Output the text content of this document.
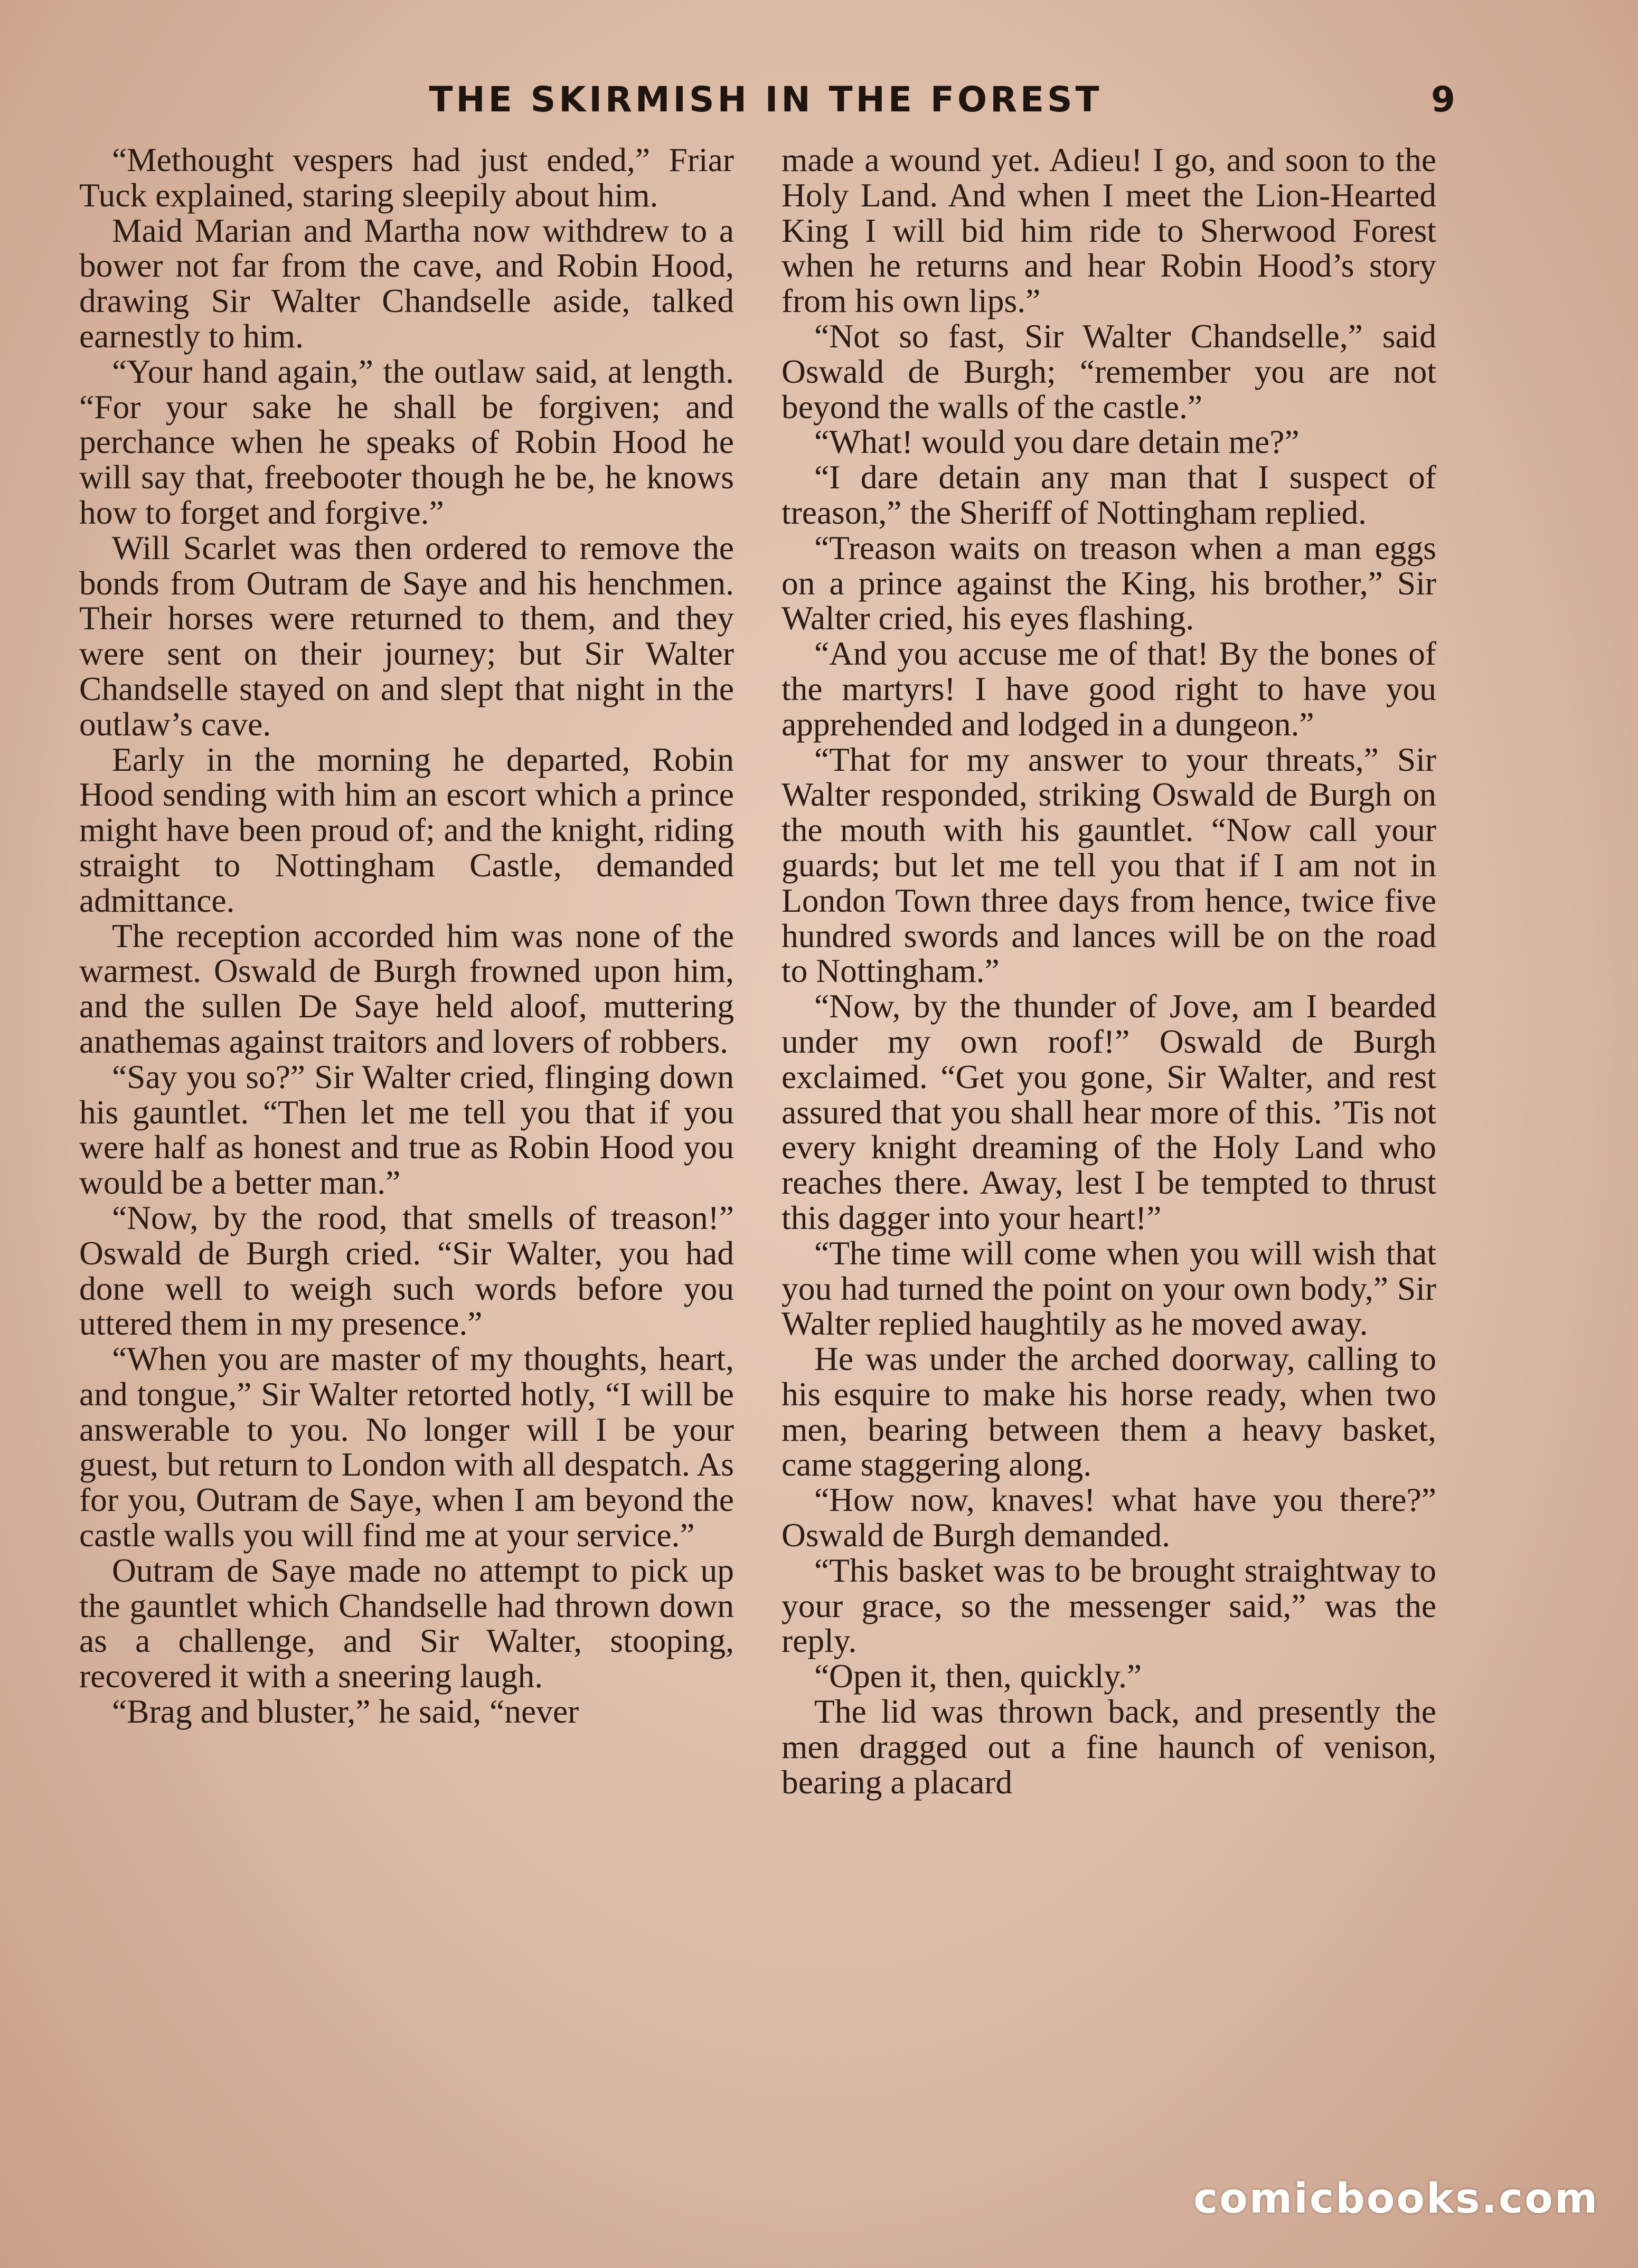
THE SKIRMISH IN THE FOREST	9

“Methought vespers had just ended,” Friar Tuck explained, staring sleepily about him.

Maid Marian and Martha now withdrew to a bower not far from the cave, and Robin Hood, drawing Sir Walter Chandselle aside, talked earnestly to him.

“Your hand again,” the outlaw said, at length. “For your sake he shall be forgiven; and perchance when he speaks of Robin Hood he will say that, freebooter though he be, he knows how to forget and forgive.”

Will Scarlet was then ordered to remove the bonds from Outram de Saye and his henchmen. Their horses were returned to them, and they were sent on their journey; but Sir Walter Chandselle stayed on and slept that night in the outlaw’s cave.

Early in the morning he departed, Robin Hood sending with him an escort which a prince might have been proud of; and the knight, riding straight to Nottingham Castle, demanded admittance.

The reception accorded him was none of the warmest. Oswald de Burgh frowned upon him, and the sullen De Saye held aloof, muttering anathemas against traitors and lovers of robbers.

“Say you so?” Sir Walter cried, flinging down his gauntlet. “Then let me tell you that if you were half as honest and true as Robin Hood you would be a better man.”

“Now, by the rood, that smells of treason!” Oswald de Burgh cried. “Sir Walter, you had done well to weigh such words before you uttered them in my presence.”

“When you are master of my thoughts, heart, and tongue,” Sir Walter retorted hotly, “I will be answerable to you. No longer will I be your guest, but return to London with all despatch. As for you, Outram de Saye, when I am beyond the castle walls you will find me at your service.”

Outram de Saye made no attempt to pick up the gauntlet which Chandselle had thrown down as a challenge, and Sir Walter, stooping, recovered it with a sneering laugh.

“Brag and bluster,” he said, “never

made a wound yet. Adieu! I go, and soon to the Holy Land. And when I meet the Lion-Hearted King I will bid him ride to Sherwood Forest when he returns and hear Robin Hood’s story from his own lips.”

“Not so fast, Sir Walter Chandselle,” said Oswald de Burgh; “remember you are not beyond the walls of the castle.”

“What! would you dare detain me?”

“I dare detain any man that I suspect of treason,” the Sheriff of Nottingham replied.

“Treason waits on treason when a man eggs on a prince against the King, his brother,” Sir Walter cried, his eyes flashing.

“And you accuse me of that! By the bones of the martyrs! I have good right to have you apprehended and lodged in a dungeon.”

“That for my answer to your threats,” Sir Walter responded, striking Oswald de Burgh on the mouth with his gauntlet. “Now call your guards; but let me tell you that if I am not in London Town three days from hence, twice five hundred swords and lances will be on the road to Nottingham.”

“Now, by the thunder of Jove, am I bearded under my own roof!” Oswald de Burgh exclaimed. “Get you gone, Sir Walter, and rest assured that you shall hear more of this. ’Tis not every knight dreaming of the Holy Land who reaches there. Away, lest I be tempted to thrust this dagger into your heart!”

“The time will come when you will wish that you had turned the point on your own body,” Sir Walter replied haughtily as he moved away.

He was under the arched doorway, calling to his esquire to make his horse ready, when two men, bearing between them a heavy basket, came staggering along.

“How now, knaves! what have you there?” Oswald de Burgh demanded.

“This basket was to be brought straightway to your grace, so the messenger said,” was the reply.

“Open it, then, quickly.”

The lid was thrown back, and presently the men dragged out a fine haunch of venison, bearing a placard

comicbooks.com
